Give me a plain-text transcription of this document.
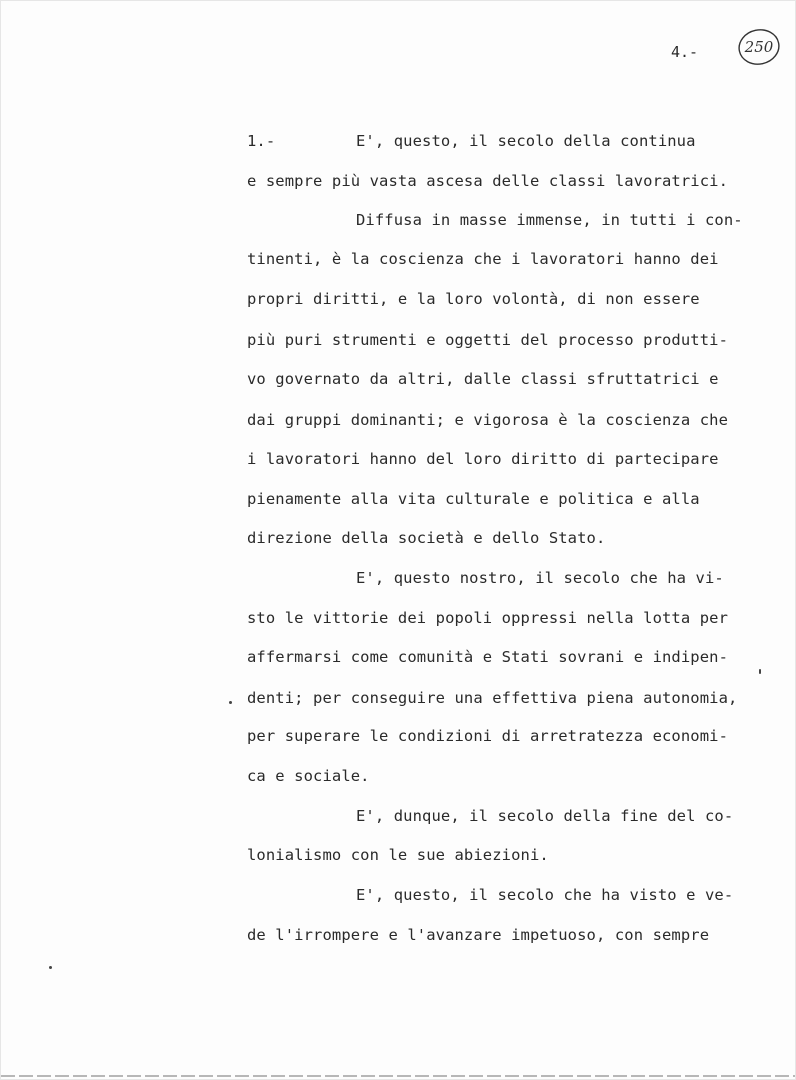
4.-	250
1.-	E', questo, il secolo della continua
e sempre più vasta ascesa delle classi lavoratrici.
Diffusa in masse immense, in tutti i con-
tinenti, è la coscienza che i lavoratori hanno dei
propri diritti, e la loro volontà, di non essere
più puri strumenti e oggetti del processo produtti-
vo governato da altri, dalle classi sfruttatrici e
dai gruppi dominanti; e vigorosa è la coscienza che
i lavoratori hanno del loro diritto di partecipare
pienamente alla vita culturale e politica e alla
direzione della società e dello Stato.
E', questo nostro, il secolo che ha vi-
sto le vittorie dei popoli oppressi nella lotta per
affermarsi come comunità e Stati sovrani e indipen-
denti; per conseguire una effettiva piena autonomia,
per superare le condizioni di arretratezza economi-
ca e sociale.
E', dunque, il secolo della fine del co-
lonialismo con le sue abiezioni.
E', questo, il secolo che ha visto e ve-
de l'irrompere e l'avanzare impetuoso, con sempre
